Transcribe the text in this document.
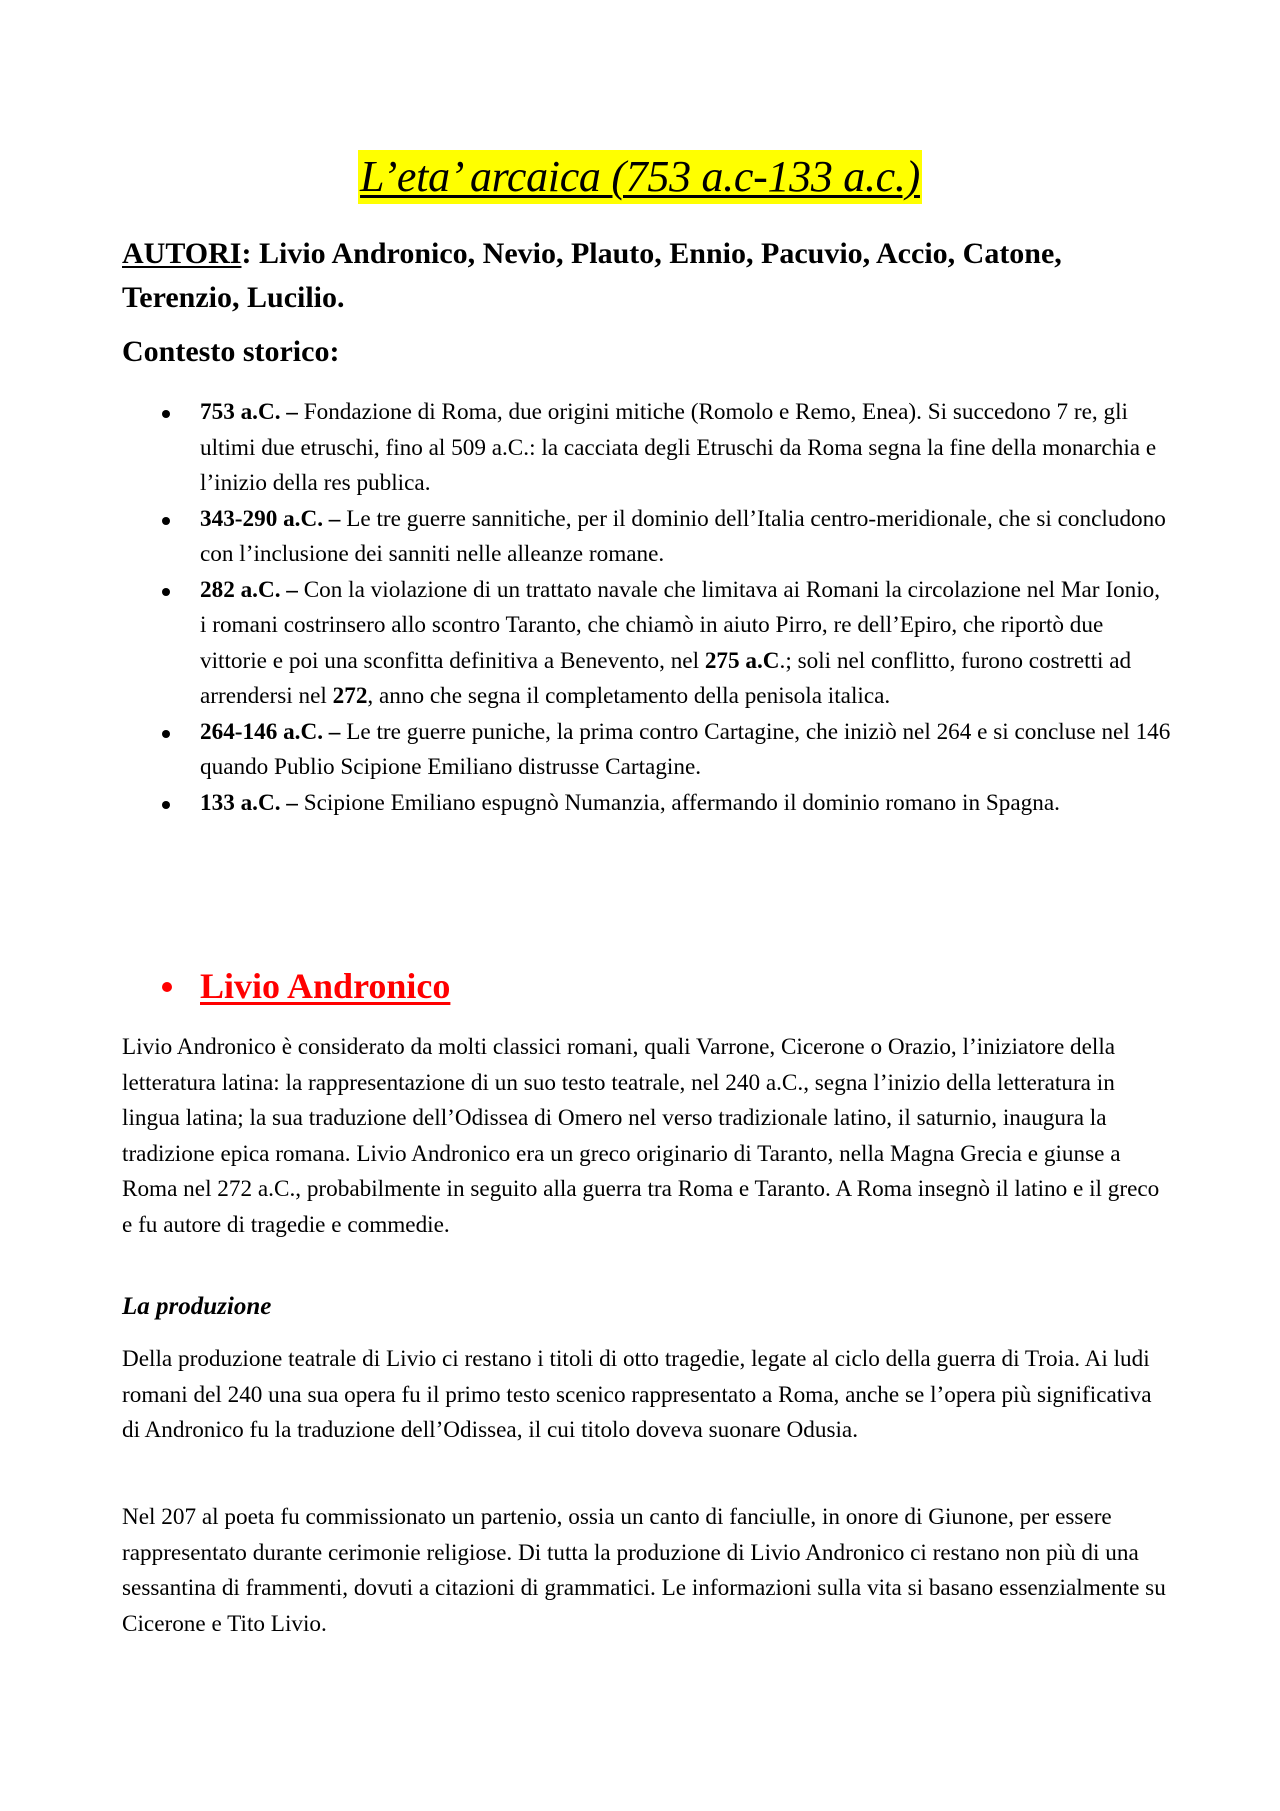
L’eta’ arcaica (753 a.c-133 a.c.)
AUTORI: Livio Andronico, Nevio, Plauto, Ennio, Pacuvio, Accio, Catone, Terenzio, Lucilio.
Contesto storico:
753 a.C. – Fondazione di Roma, due origini mitiche (Romolo e Remo, Enea). Si succedono 7 re, gli ultimi due etruschi, fino al 509 a.C.: la cacciata degli Etruschi da Roma segna la fine della monarchia e l’inizio della res publica.
343-290 a.C. – Le tre guerre sannitiche, per il dominio dell’Italia centro-meridionale, che si concludono con l’inclusione dei sanniti nelle alleanze romane.
282 a.C. – Con la violazione di un trattato navale che limitava ai Romani la circolazione nel Mar Ionio, i romani costrinsero allo scontro Taranto, che chiamò in aiuto Pirro, re dell’Epiro, che riportò due vittorie e poi una sconfitta definitiva a Benevento, nel 275 a.C.; soli nel conflitto, furono costretti ad arrendersi nel 272, anno che segna il completamento della penisola italica.
264-146 a.C. – Le tre guerre puniche, la prima contro Cartagine, che iniziò nel 264 e si concluse nel 146 quando Publio Scipione Emiliano distrusse Cartagine.
133 a.C. – Scipione Emiliano espugnò Numanzia, affermando il dominio romano in Spagna.
Livio Andronico

Livio Andronico è considerato da molti classici romani, quali Varrone, Cicerone o Orazio, l’iniziatore della letteratura latina: la rappresentazione di un suo testo teatrale, nel 240 a.C., segna l’inizio della letteratura in lingua latina; la sua traduzione dell’Odissea di Omero nel verso tradizionale latino, il saturnio, inaugura la tradizione epica romana. Livio Andronico era un greco originario di Taranto, nella Magna Grecia e giunse a Roma nel 272 a.C., probabilmente in seguito alla guerra tra Roma e Taranto. A Roma insegnò il latino e il greco e fu autore di tragedie e commedie.

La produzione

Della produzione teatrale di Livio ci restano i titoli di otto tragedie, legate al ciclo della guerra di Troia. Ai ludi romani del 240 una sua opera fu il primo testo scenico rappresentato a Roma, anche se l’opera più significativa di Andronico fu la traduzione dell’Odissea, il cui titolo doveva suonare Odusia.

Nel 207 al poeta fu commissionato un partenio, ossia un canto di fanciulle, in onore di Giunone, per essere rappresentato durante cerimonie religiose. Di tutta la produzione di Livio Andronico ci restano non più di una sessantina di frammenti, dovuti a citazioni di grammatici. Le informazioni sulla vita si basano essenzialmente su Cicerone e Tito Livio.
